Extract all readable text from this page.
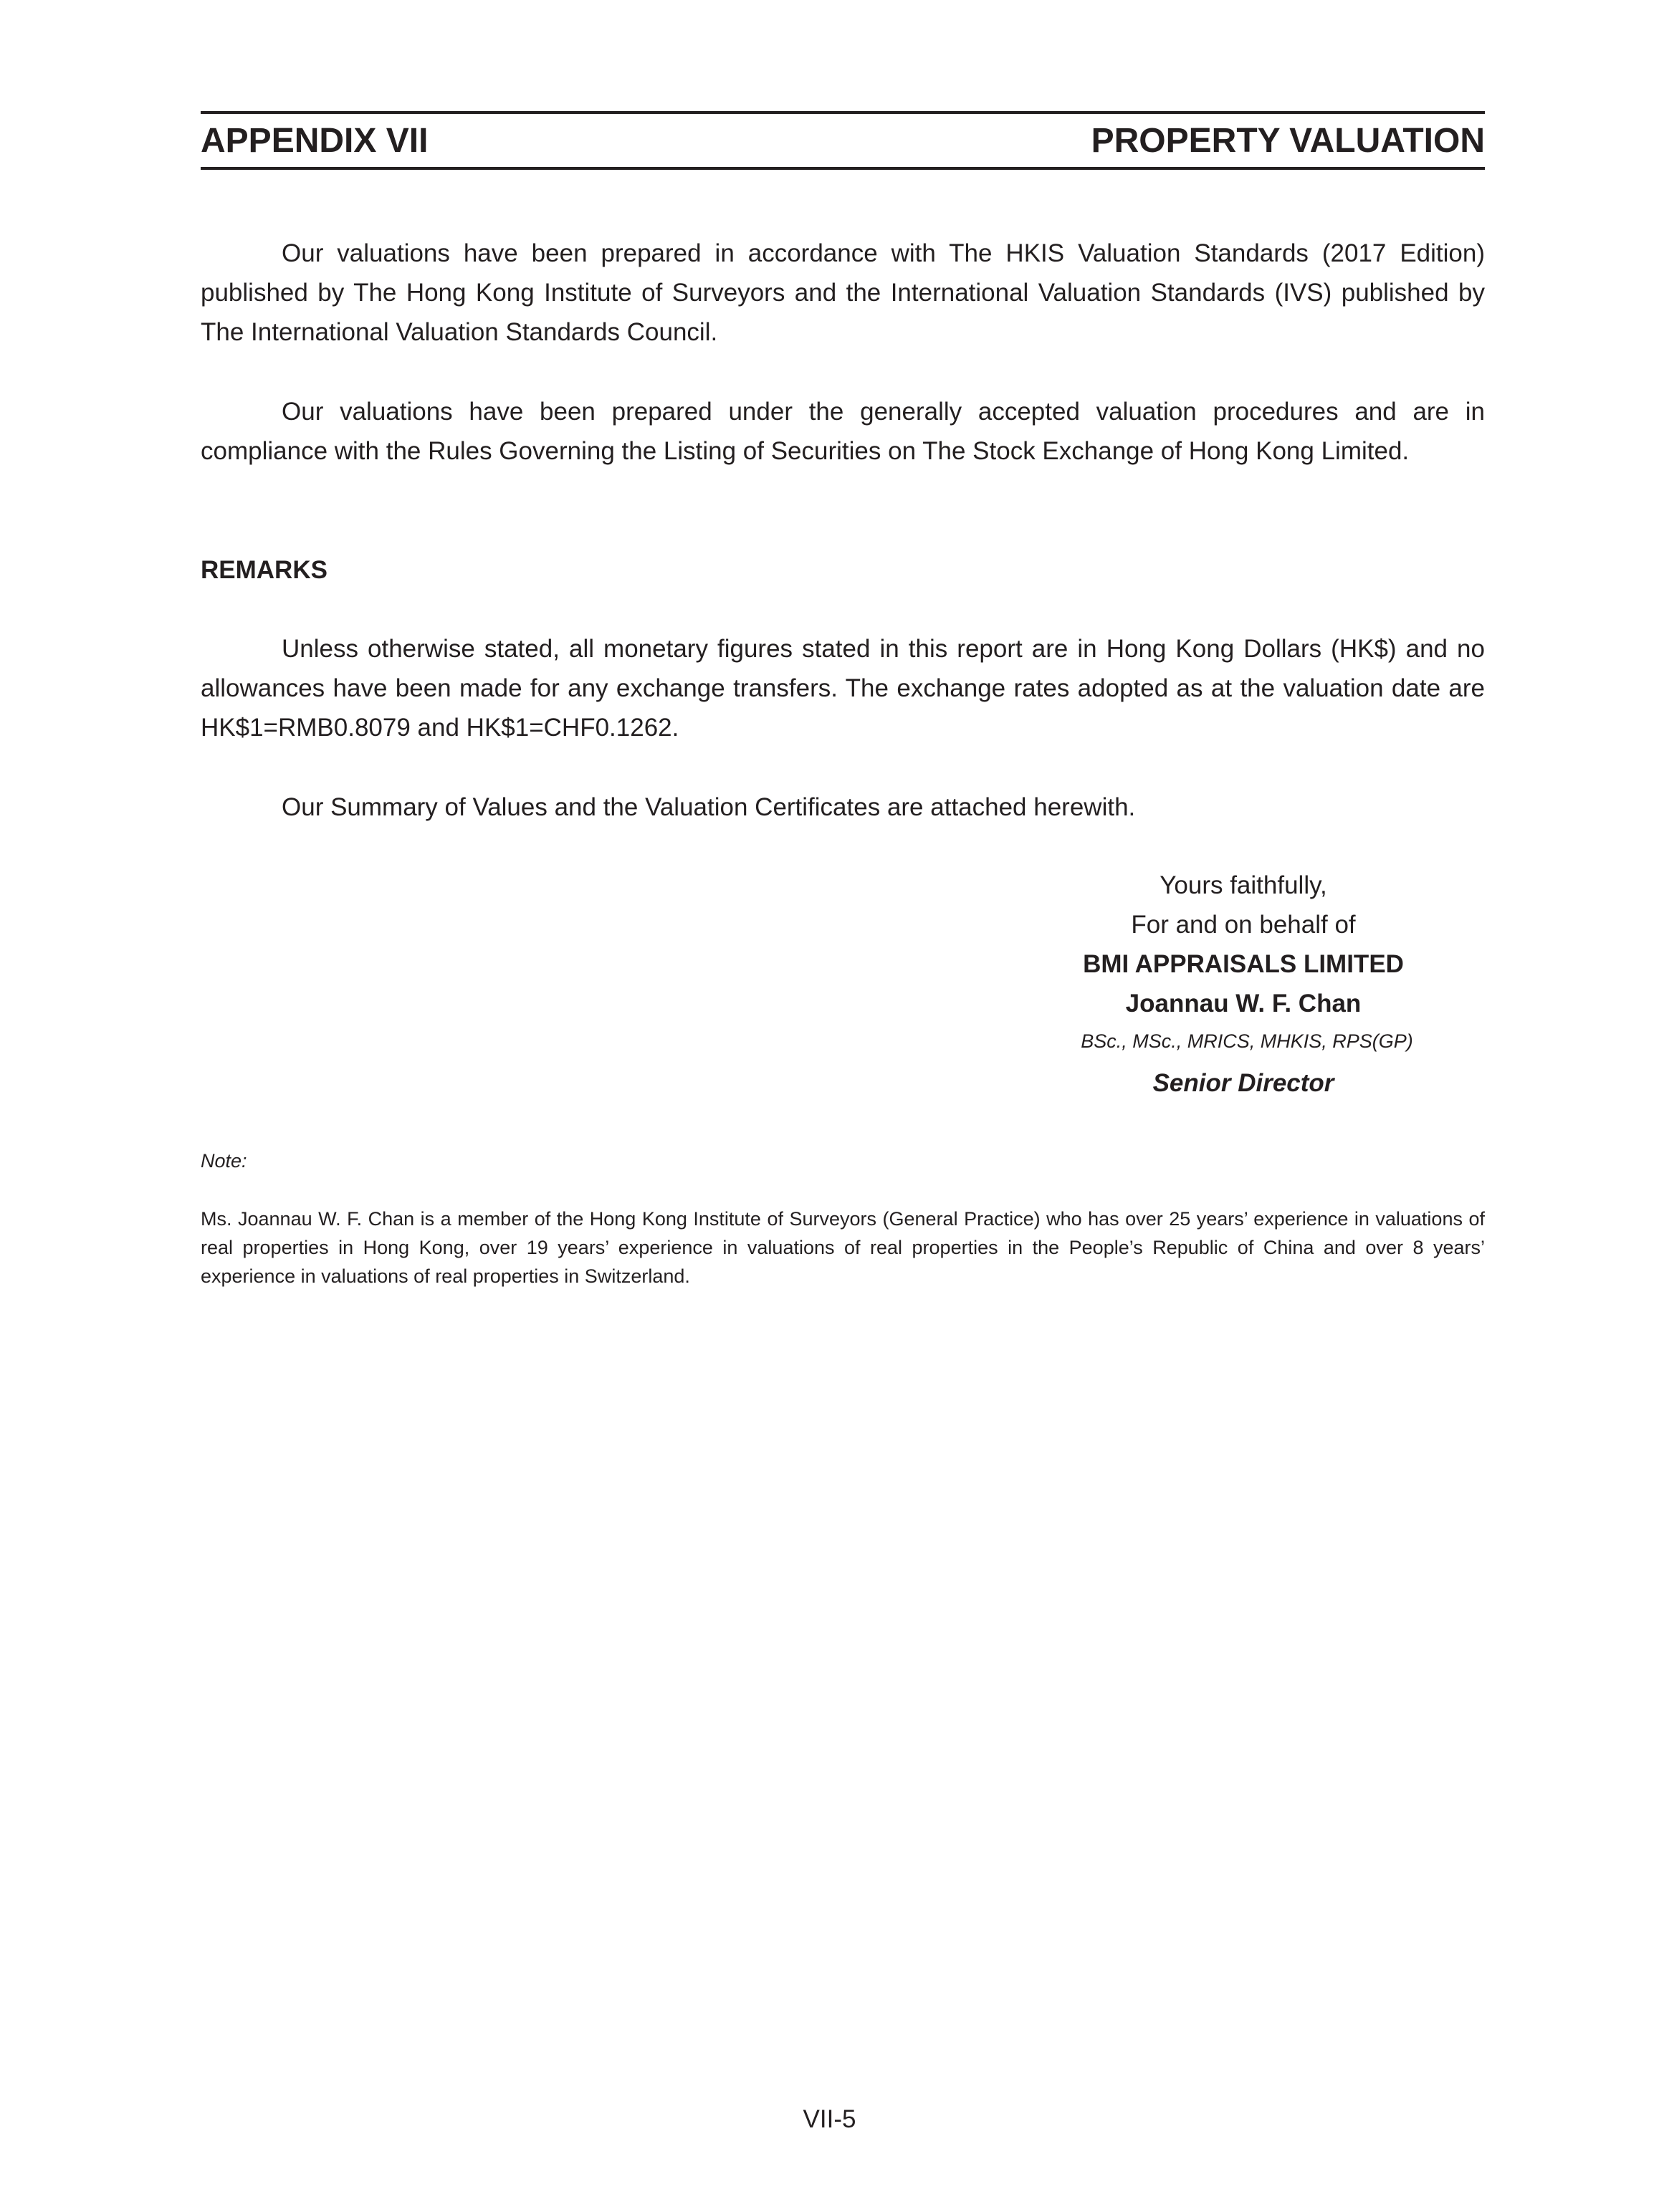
APPENDIX VII	PROPERTY VALUATION

Our valuations have been prepared in accordance with The HKIS Valuation Standards (2017 Edition) published by The Hong Kong Institute of Surveyors and the International Valuation Standards (IVS) published by The International Valuation Standards Council.

Our valuations have been prepared under the generally accepted valuation procedures and are in compliance with the Rules Governing the Listing of Securities on The Stock Exchange of Hong Kong Limited.

REMARKS

Unless otherwise stated, all monetary figures stated in this report are in Hong Kong Dollars (HK$) and no allowances have been made for any exchange transfers. The exchange rates adopted as at the valuation date are HK$1=RMB0.8079 and HK$1=CHF0.1262.

Our Summary of Values and the Valuation Certificates are attached herewith.

Yours faithfully,
For and on behalf of
BMI APPRAISALS LIMITED
Joannau W. F. Chan
BSc., MSc., MRICS, MHKIS, RPS(GP)
Senior Director
Note:

Ms. Joannau W. F. Chan is a member of the Hong Kong Institute of Surveyors (General Practice) who has over 25 years’ experience in valuations of real properties in Hong Kong, over 19 years’ experience in valuations of real properties in the People’s Republic of China and over 8 years’ experience in valuations of real properties in Switzerland.

VII-5
